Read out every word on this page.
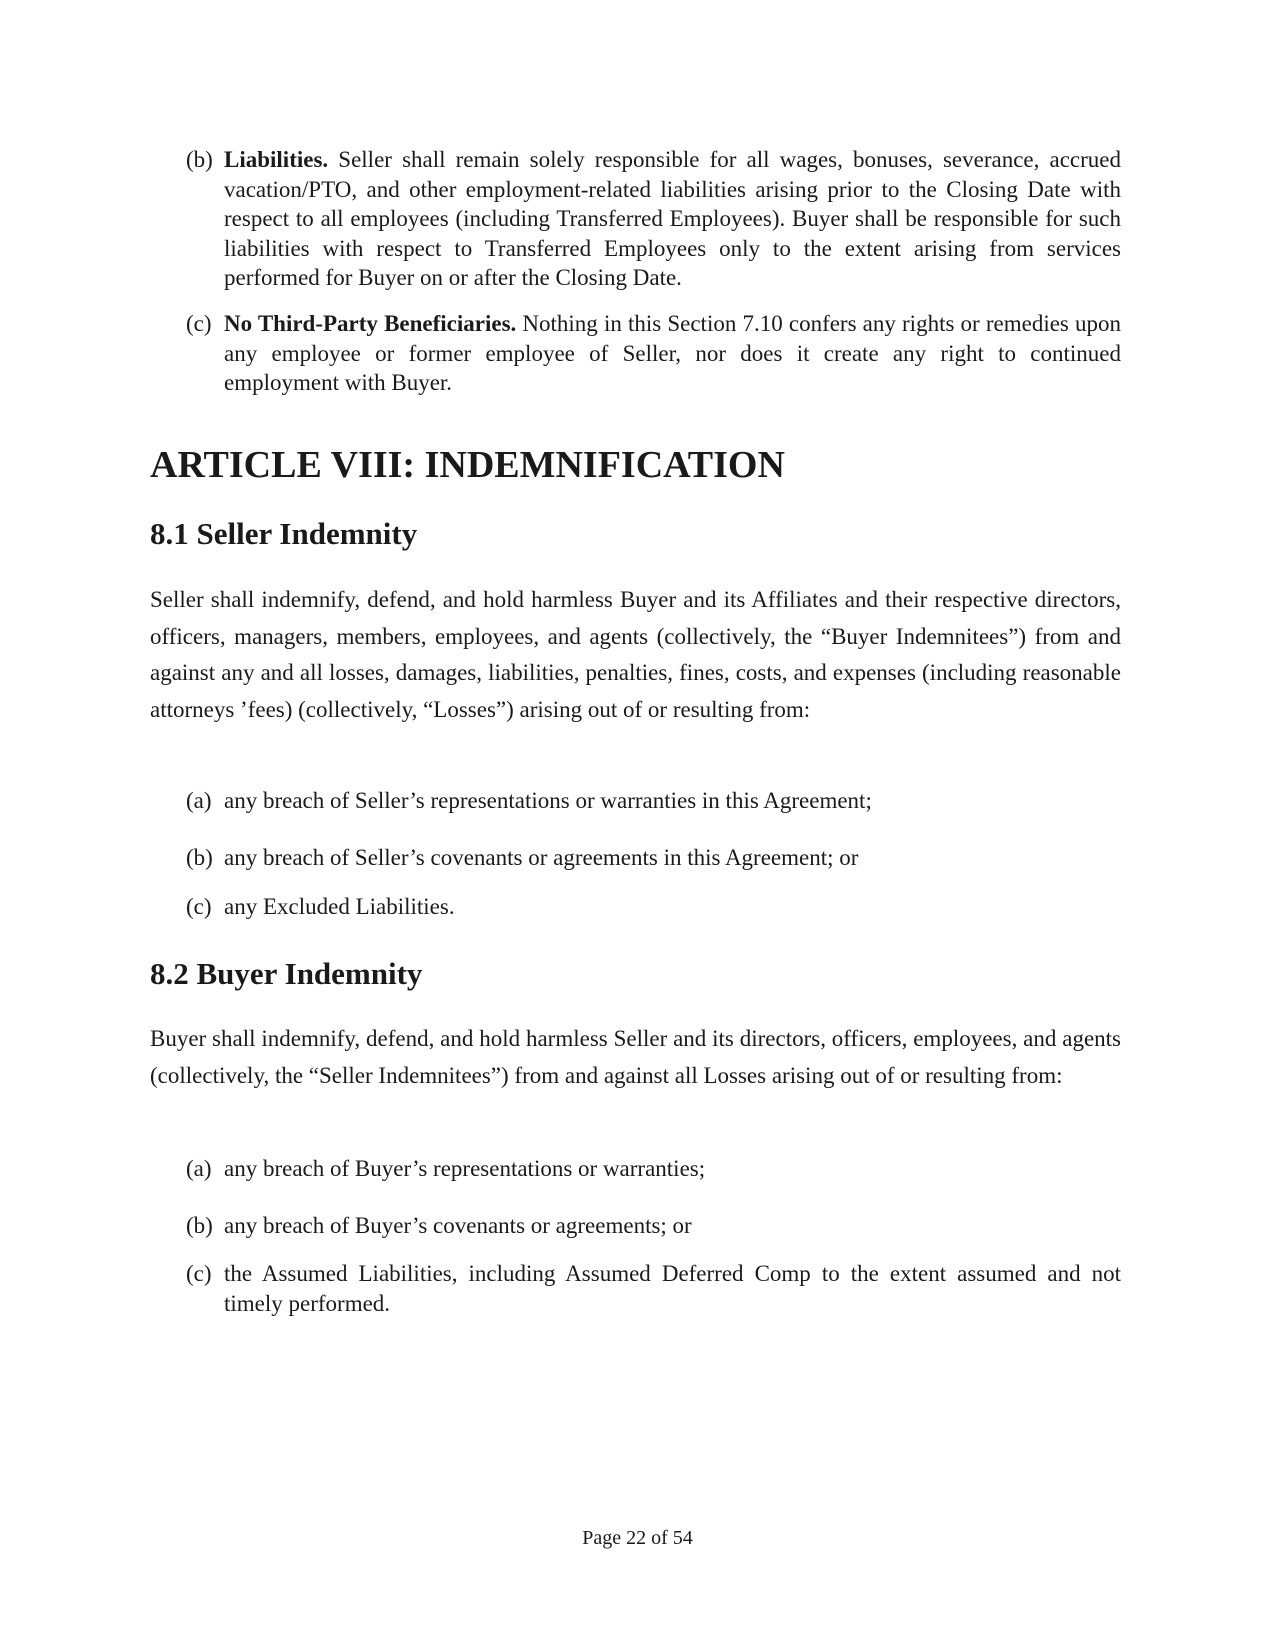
(b) Liabilities. Seller shall remain solely responsible for all wages, bonuses, severance, accrued vacation/PTO, and other employment-related liabilities arising prior to the Closing Date with respect to all employees (including Transferred Employees). Buyer shall be responsible for such liabilities with respect to Transferred Employees only to the extent arising from services performed for Buyer on or after the Closing Date.
(c) No Third-Party Beneficiaries. Nothing in this Section 7.10 confers any rights or remedies upon any employee or former employee of Seller, nor does it create any right to continued employment with Buyer.
ARTICLE VIII: INDEMNIFICATION
8.1 Seller Indemnity

Seller shall indemnify, defend, and hold harmless Buyer and its Affiliates and their respective directors, officers, managers, members, employees, and agents (collectively, the “Buyer Indemnitees”) from and against any and all losses, damages, liabilities, penalties, fines, costs, and expenses (including reasonable attorneys ’fees) (collectively, “Losses”) arising out of or resulting from:

(a) any breach of Seller’s representations or warranties in this Agreement;
(b) any breach of Seller’s covenants or agreements in this Agreement; or
(c) any Excluded Liabilities.
8.2 Buyer Indemnity

Buyer shall indemnify, defend, and hold harmless Seller and its directors, officers, employees, and agents (collectively, the “Seller Indemnitees”) from and against all Losses arising out of or resulting from:

(a) any breach of Buyer’s representations or warranties;
(b) any breach of Buyer’s covenants or agreements; or
(c) the Assumed Liabilities, including Assumed Deferred Comp to the extent assumed and not timely performed.
Page 22 of 54
